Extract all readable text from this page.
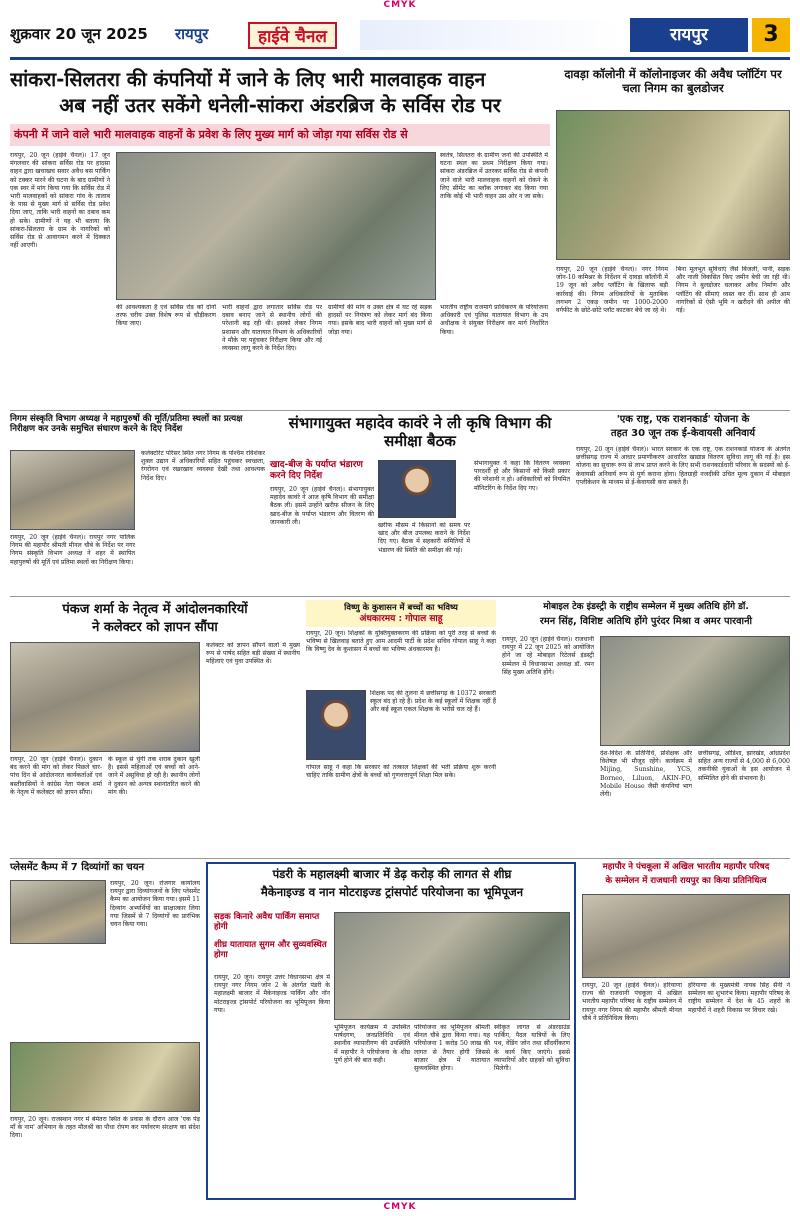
CMYK
CMYK
शुक्रवार 20 जून 2025 रायपुर	हाईवे चैनल	रायपुर	3
सांकरा-सिलतरा की कंपनियों में जाने के लिए भारी मालवाहक वाहन
अब नहीं उतर सकेंगे धनेली-सांकरा अंडरब्रिज के सर्विस रोड पर
कंपनी में जाने वाले भारी मालवाहक वाहनों के प्रवेश के लिए मुख्य मार्ग को जोड़ा गया सर्विस रोड से
रायपुर, 20 जून (हाईवे चैनल)। 17 जून मंगलवार की सांकरा सर्विस रोड पर हादसा वाहन द्वारा खचाखच सवार अवैध बस पार्किंग को टक्कर मारने की घटना के बाद ग्रामीणों ने एक स्वर में मांग किया गया कि सर्विस रोड में भारी मालवाहकों को सांकरा गांव के तालाब के पास से मुख्य मार्ग से सर्विस रोड प्रवेश दिया जाए, ताकि भारी वाहनों का दबाव कम हो सके। ग्रामीणों ने यह भी बताया कि सांकरा-सिलतरा के ग्राम के नागरिकों को सर्विस रोड से आवागमन करने में दिक्कत नहीं आएगी।
की आवश्यकता है एवं सर्विस रोड को दोनों तरफ चरीय उक्त विशेष रूप से चौड़ीकरण किया जाए।
भारी वाहनों द्वारा लगातार सर्विस रोड पर दबाव बनाए जाने से स्थानीय लोगों की परेशानी बढ़ रही थी। इसको लेकर निगम प्रशासन और यातायात विभाग के अधिकारियों ने मौके पर पहुंचकर निरीक्षण किया और नई व्यवस्था लागू करने के निर्देश दिए।
ग्रामीणों की मांग व उक्त क्षेत्र में घट रहे सड़क हादसों पर नियंत्रण को लेकर मार्ग बंद किया गया। इसके बाद भारी वाहनों को मुख्य मार्ग से जोड़ा गया।
भारतीय राष्ट्रीय राजमार्ग प्राधिकरण के परियोजना अधिकारी एवं पुलिस यातायात विभाग के उप अधीक्षक ने संयुक्त निरीक्षण कर मार्ग निर्धारित किया।
स्वतंत्र, सिलतरा के ग्रामीण जनों की उपस्थिति में घटना स्थल का प्रथम निरीक्षण किया गया। सांकरा अंडरब्रिज में उतरकर सर्विस रोड से कंपनी जाने वाले भारी मालवाहक वाहनों को रोकने के लिए सीमेंट का ब्लॉक लगाकर बंद किया गया ताकि कोई भी भारी वाहन उस ओर न जा सके।
दावड़ा कॉलोनी में कॉलोनाइजर की अवैध प्लॉटिंग पर चला निगम का बुलडोजर
रायपुर, 20 जून (हाईवे चैनल)। नगर निगम जोन-10 कमिश्नर के निर्देशन में दावड़ा कॉलोनी में 19 जून को अवैध प्लॉटिंग के खिलाफ बड़ी कार्रवाई की। निगम अधिकारियों के मुताबिक लगभग 2 एकड़ जमीन पर 1000-2000 वर्गफीट के छोटे-छोटे प्लॉट काटकर बेचे जा रहे थे।
बिना मूलभूत सुविधाएं जैसे बिजली, पानी, सड़क और नाली विकसित किए जमीन बेची जा रही थी। निगम ने बुलडोजर चलाकर अवैध निर्माण और प्लॉटिंग की सीमाएं ध्वस्त कर दीं। साथ ही आम नागरिकों से ऐसी भूमि न खरीदने की अपील की गई।
निगम संस्कृति विभाग अध्यक्ष ने महापुरुषों की मूर्ति/प्रतिमा स्थलों का प्रत्यक्ष निरीक्षण कर उनके समुचित संधारण करने के दिए निर्देश
रायपुर, 20 जून (हाईवे चैनल)। रायपुर नगर पालिक निगम की महापौर श्रीमती मीनल चौबे के निर्देश पर नगर निगम संस्कृति विभाग अध्यक्ष ने शहर में स्थापित महापुरुषों की मूर्ति एवं प्रतिमा स्थलों का निरीक्षण किया।
कलेक्टोरेट परिसर स्थित नगर निगम के पश्चिम रविशंकर शुक्ल उद्यान में अधिकारियों सहित पहुंचकर स्वच्छता, रंगरोगन एवं रखरखाव व्यवस्था देखी तथा आवश्यक निर्देश दिए।
संभागायुक्त महादेव कावंरे ने ली कृषि विभाग की समीक्षा बैठक
खाद-बीज के पर्याप्त भंडारण करने दिए निर्देश
रायपुर, 20 जून (हाईवे चैनल)। संभागायुक्त महादेव कावंरे ने आज कृषि विभाग की समीक्षा बैठक ली। इसमें उन्होंने खरीफ सीजन के लिए खाद-बीज के पर्याप्त भंडारण और वितरण की जानकारी ली।	खरीफ मौसम में किसानों को समय पर खाद और बीज उपलब्ध कराने के निर्देश दिए गए। बैठक में सहकारी समितियों में भंडारण की स्थिति की समीक्षा की गई।
संभागायुक्त ने कहा कि वितरण व्यवस्था पारदर्शी हो और किसानों को किसी प्रकार की परेशानी न हो। अधिकारियों को नियमित मॉनिटरिंग के निर्देश दिए गए।
'एक राष्ट्र, एक राशनकार्ड' योजना के
तहत 30 जून तक ई-केवायसी अनिवार्य
रायपुर, 20 जून (हाईवे चैनल)। भारत सरकार के एक राष्ट्र, एक राशनकार्ड योजना के अंतर्गत छत्तीसगढ़ राज्य में आधार प्रमाणीकरण आधारित खाद्यान्न वितरण सुविधा लागू की गई है। इस योजना का सुचारू रूप से लाभ प्राप्त करने के लिए सभी राशनकार्डधारी परिवार के सदस्यों को ई-केवायसी अनिवार्य रूप से पूर्ण कराना होगा। हितग्राही नजदीकी उचित मूल्य दुकान में मोबाइल एप्लीकेशन के माध्यम से ई-केवायसी करा सकते हैं।
पंकज शर्मा के नेतृत्व में आंदोलनकारियों
ने कलेक्टर को ज्ञापन सौंपा
रायपुर, 20 जून (हाईवे चैनल)। दुकान बंद करने की मांग को लेकर पिछले चार-पांच दिन से आंदोलनरत कार्यकर्ताओं एवं बस्तीवासियों ने कांग्रेस नेता पंकज शर्मा के नेतृत्व में कलेक्टर को ज्ञापन सौंपा।
के स्कूल से चुंगी तक शराब दुकान खुली है। इससे महिलाओं एवं बच्चों को आने-जाने में असुविधा हो रही है। स्थानीय लोगों ने दुकान को अन्यत्र स्थानांतरित करने की मांग की।
कलेक्टर को ज्ञापन सौंपने वालों में मुख्य रूप से पार्षद सहित बड़ी संख्या में स्थानीय महिलाएं एवं युवा उपस्थित थे।
विष्णु के कुशासन में बच्चों का भविष्य
अंधकारमय : गोपाल साहू
रायपुर, 20 जून। शिक्षकों के युक्तियुक्तकरण की प्रक्रिया को पूरी तरह से बच्चों के भविष्य से खिलवाड़ बताते हुए आम आदमी पार्टी के प्रदेश सचिव गोपाल साहू ने कहा कि विष्णु देव के कुशासन में बच्चों का भविष्य अंधकारमय है।
शिक्षक पद की तुलना में छत्तीसगढ़ के 10372 सरकारी स्कूल बंद हो रहे हैं। प्रदेश के कई स्कूलों में शिक्षक नहीं हैं और कई स्कूल एकल शिक्षक के भरोसे चल रहे हैं।
गोपाल साहू ने कहा कि सरकार को तत्काल शिक्षकों की भर्ती प्रक्रिया शुरू करनी चाहिए ताकि ग्रामीण क्षेत्रों के बच्चों को गुणवत्तापूर्ण शिक्षा मिल सके।
मोबाइल टेक इंडस्ट्री के राष्ट्रीय सम्मेलन में मुख्य अतिथि होंगे डॉ.
रमन सिंह, विशिष्ट अतिथि होंगे पुरंदर मिश्रा व अमर पारवानी
रायपुर, 20 जून (हाईवे चैनल)। राजधानी रायपुर में 22 जून 2025 को आयोजित होने जा रहे मोबाइल रिटेलर्स इंडस्ट्री सम्मेलन में विधानसभा अध्यक्ष डॉ. रमन सिंह मुख्य अतिथि होंगे।
देश-विदेश के प्रतिनिधि, प्रशिक्षक और विशेषज्ञ भी मौजूद रहेंगे। कार्यक्रम में Mijing, Sunshine, YCS, Borneo, Liluon, AKIN-FO, Mobile House जैसी कंपनियां भाग लेंगी।
छत्तीसगढ़, ओडिशा, झारखंड, आंध्रप्रदेश सहित अन्य राज्यों से 4,000 से 6,000 तकनीकी युवाओं के इस आयोजन में सम्मिलित होने की संभावना है।
प्लेसमेंट कैम्प में 7 दिव्यांगों का चयन
रायपुर, 20 जून। रोजगार कार्यालय रायपुर द्वारा दिव्यांगजनों के लिए प्लेसमेंट कैम्प का आयोजन किया गया। इसमें 11 दिव्यांग अभ्यर्थियों का साक्षात्कार लिया गया जिसमें से 7 दिव्यांगों का प्रारंभिक चयन किया गया।
रायपुर, 20 जून। राजस्थान नगर में बेमेतरा स्थित के प्रवास के दौरान आज 'एक पेड़ माँ के नाम' अभियान के तहत मौलश्री का पौधा रोपण कर पर्यावरण संरक्षण का संदेश दिया।
पंडरी के महालक्ष्मी बाजार में डेढ़ करोड़ की लागत से शीघ्र
मैकेनाइज्ड व नान मोटराइज्ड ट्रांसपोर्ट परियोजना का भूमिपूजन
सड़क किनारे अवैध पार्किंग समाप्त होगी
शीघ्र यातायात सुगम और सुव्यवस्थित होगा
रायपुर, 20 जून। रायपुर उत्तर विधानसभा क्षेत्र में रायपुर नगर निगम जोन 2 के अंतर्गत पंडरी के महालक्ष्मी बाजार में मैकेनाइज्ड पार्किंग और नॉन मोटराइज्ड ट्रांसपोर्ट परियोजना का भूमिपूजन किया गया।
भूमिपूजन कार्यक्रम में उपस्थित पार्षदगण, जनप्रतिनिधि एवं स्थानीय व्यापारीगण की उपस्थिति में महापौर ने परियोजना के शीघ्र पूर्ण होने की बात कही।
परियोजना का भूमिपूजन श्रीमती मीनल चौबे द्वारा किया गया। यह परियोजना 1 करोड़ 50 लाख की लागत से तैयार होगी जिससे बाजार क्षेत्र में यातायात सुव्यवस्थित होगा।
स्वीकृत लागत से अंडरग्राउंड पार्किंग, पैदल यात्रियों के लिए पथ, वेंडिंग जोन तथा सौंदर्यीकरण के कार्य किए जाएंगे। इससे व्यापारियों और ग्राहकों को सुविधा मिलेगी।
महापौर ने पंचकूला में अखिल भारतीय महापौर परिषद
के सम्मेलन में राजधानी रायपुर का किया प्रतिनिधित्व
रायपुर, 20 जून (हाईवे चैनल)। हरियाणा राज्य की राजधानी पंचकूला में अखिल भारतीय महापौर परिषद के राष्ट्रीय सम्मेलन में रायपुर नगर निगम की महापौर श्रीमती मीनल चौबे ने प्रतिनिधित्व किया।
हरियाणा के मुख्यमंत्री नायब सिंह सैनी ने सम्मेलन का शुभारंभ किया। महापौर परिषद के राष्ट्रीय सम्मेलन में देश के 45 शहरों के महापौरों ने शहरी विकास पर विचार रखे।
